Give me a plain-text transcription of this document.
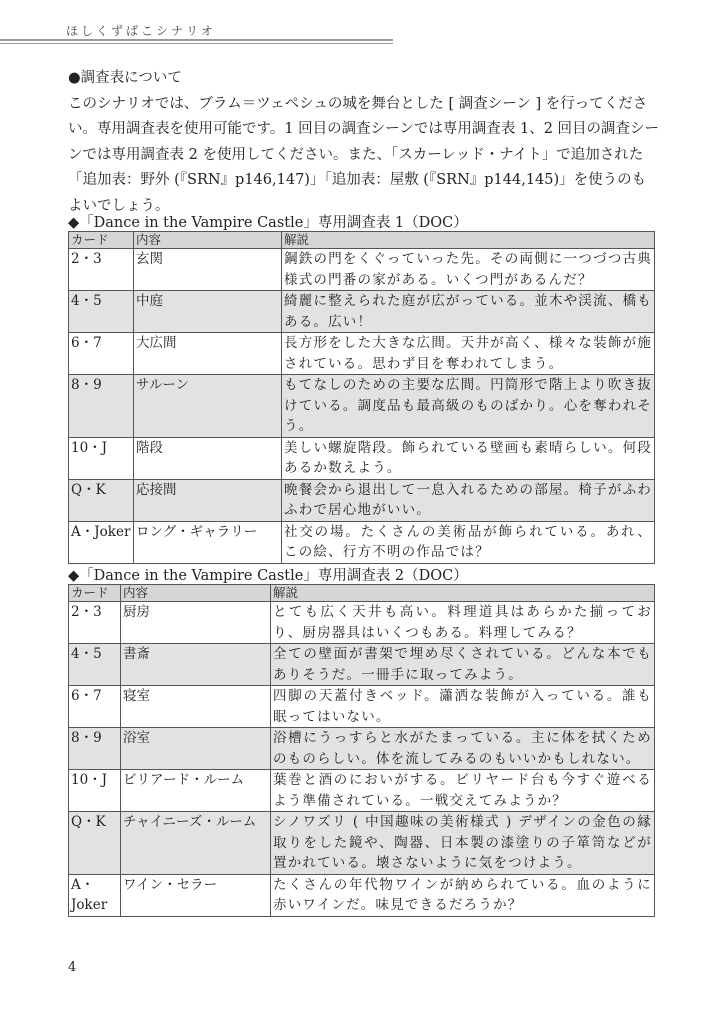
ほしくずばこシナリオ

●調査表について

このシナリオでは、ブラム＝ツェペシュの城を舞台とした [ 調査シーン ] を行ってください。専用調査表を使用可能です。1 回目の調査シーンでは専用調査表 1、2 回目の調査シーンでは専用調査表 2 を使用してください。また、「スカーレッド・ナイト」で追加された「追加表：野外 (『SRN』p146,147)」「追加表：屋敷 (『SRN』p144,145)」を使うのもよいでしょう。

◆「Dance in the Vampire Castle」専用調査表 1（DOC）
カード	内容	解説
2・3	玄関	鋼鉄の門をくぐっていった先。その両側に一つづつ古典様式の門番の家がある。いくつ門があるんだ？
4・5	中庭	綺麗に整えられた庭が広がっている。並木や渓流、橋もある。広い！
6・7	大広間	長方形をした大きな広間。天井が高く、様々な装飾が施されている。思わず目を奪われてしまう。
8・9	サルーン	もてなしのための主要な広間。円筒形で階上より吹き抜けている。調度品も最高級のものばかり。心を奪われそう。
10・J	階段	美しい螺旋階段。飾られている壁画も素晴らしい。何段あるか数えよう。
Q・K	応接間	晩餐会から退出して一息入れるための部屋。椅子がふわふわで居心地がいい。
A・Joker	ロング・ギャラリー	社交の場。たくさんの美術品が飾られている。あれ、この絵、行方不明の作品では？
◆「Dance in the Vampire Castle」専用調査表 2（DOC）
カード	内容	解説
2・3	厨房	とても広く天井も高い。料理道具はあらかた揃っており、厨房器具はいくつもある。料理してみる？
4・5	書斎	全ての壁面が書架で埋め尽くされている。どんな本でもありそうだ。一冊手に取ってみよう。
6・7	寝室	四脚の天蓋付きベッド。瀟洒な装飾が入っている。誰も眠ってはいない。
8・9	浴室	浴槽にうっすらと水がたまっている。主に体を拭くためのものらしい。体を流してみるのもいいかもしれない。
10・J	ビリアード・ルーム	葉巻と酒のにおいがする。ビリヤード台も今すぐ遊べるよう準備されている。一戦交えてみようか？
Q・K	チャイニーズ・ルーム	シノワズリ ( 中国趣味の美術様式 ) デザインの金色の縁取りをした鏡や、陶器、日本製の漆塗りの子箪笥などが置かれている。壊さないように気をつけよう。
A・Joker	ワイン・セラー	たくさんの年代物ワインが納められている。血のように赤いワインだ。味見できるだろうか？
4
